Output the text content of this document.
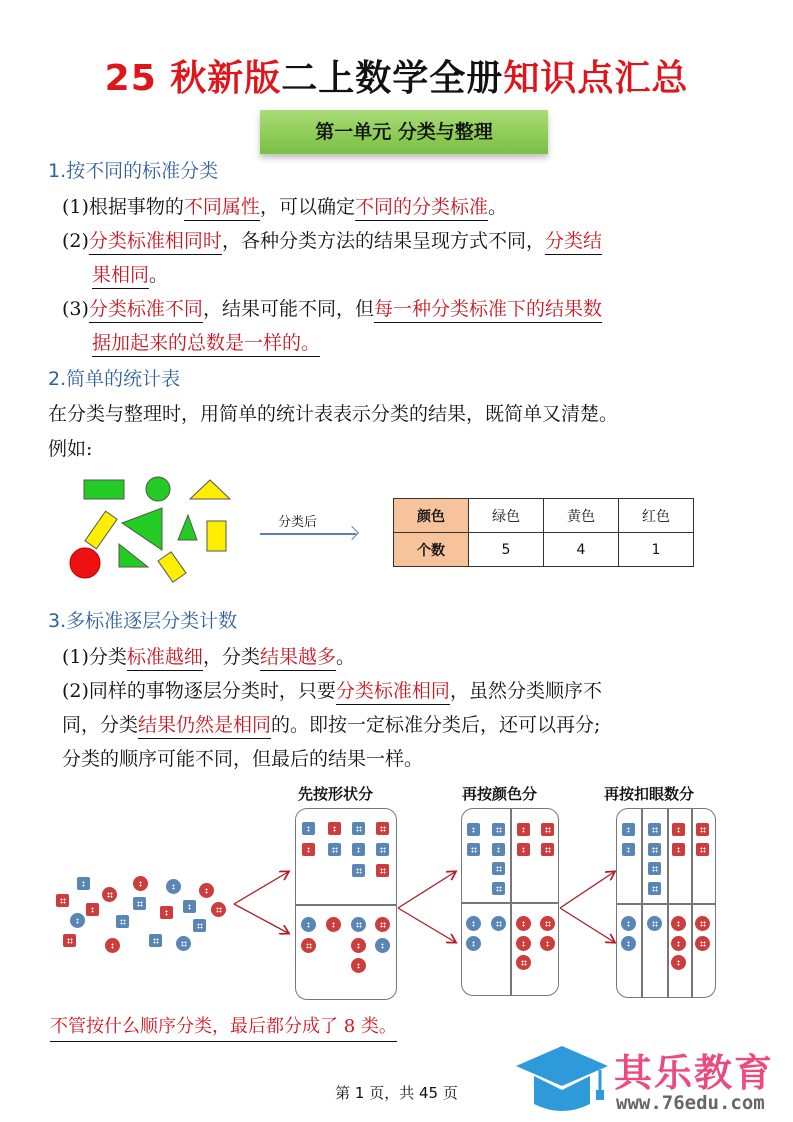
25 秋新版二上数学全册知识点汇总
第一单元 分类与整理
1.按不同的标准分类
(1)根据事物的不同属性，可以确定不同的分类标准。
(2)分类标准相同时，各种分类方法的结果呈现方式不同，分类结
果相同。
(3)分类标准不同，结果可能不同，但每一种分类标准下的结果数
据加起来的总数是一样的。
2.简单的统计表
在分类与整理时，用简单的统计表表示分类的结果，既简单又清楚。
例如:
分类后	颜色	绿色	黄色	红色
个数	5	4	1
3.多标准逐层分类计数
(1)分类标准越细，分类结果越多。
(2)同样的事物逐层分类时，只要分类标准相同，虽然分类顺序不
同，分类结果仍然是相同的。即按一定标准分类后，还可以再分;
分类的顺序可能不同，但最后的结果一样。
先按形状分	再按颜色分	再按扣眼数分
不管按什么顺序分类，最后都分成了 8 类。
第 1 页，共 45 页	其乐教育
www.76edu.com
